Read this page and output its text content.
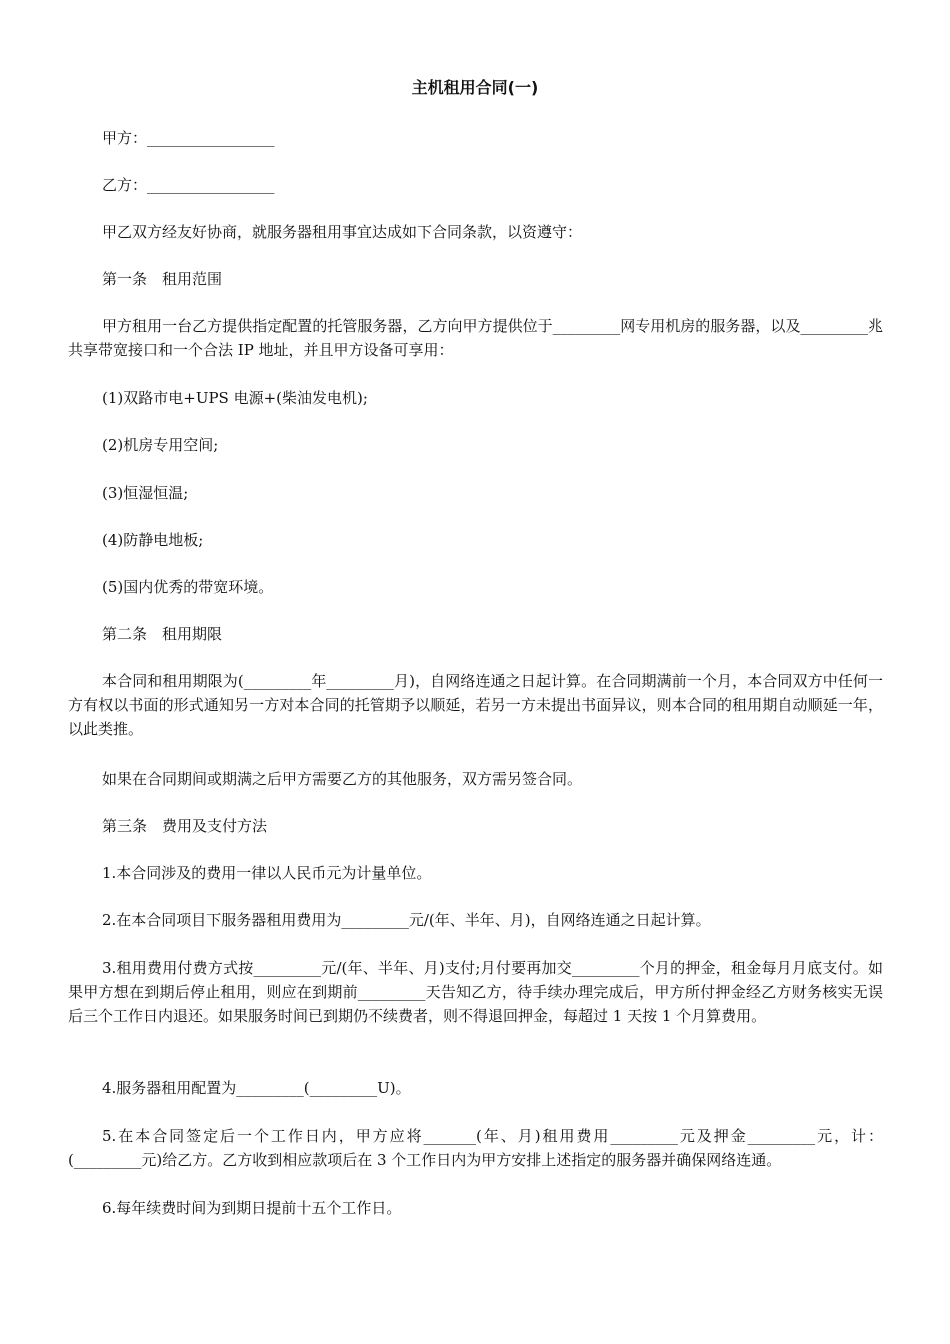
主机租用合同(一)

甲方：_________________

乙方：_________________

甲乙双方经友好协商，就服务器租用事宜达成如下合同条款，以资遵守：

第一条　租用范围

甲方租用一台乙方提供指定配置的托管服务器，乙方向甲方提供位于_________网专用机房的服务器，以及_________兆共享带宽接口和一个合法 IP 地址，并且甲方设备可享用：

(1)双路市电+UPS 电源+(柴油发电机);

(2)机房专用空间;

(3)恒湿恒温;

(4)防静电地板;

(5)国内优秀的带宽环境。

第二条　租用期限

本合同和租用期限为(_________年_________月)，自网络连通之日起计算。在合同期满前一个月，本合同双方中任何一方有权以书面的形式通知另一方对本合同的托管期予以顺延，若另一方未提出书面异议，则本合同的租用期自动顺延一年，以此类推。

如果在合同期间或期满之后甲方需要乙方的其他服务，双方需另签合同。

第三条　费用及支付方法

1.本合同涉及的费用一律以人民币元为计量单位。

2.在本合同项目下服务器租用费用为_________元/(年、半年、月)，自网络连通之日起计算。

3.租用费用付费方式按_________元/(年、半年、月)支付;月付要再加交_________个月的押金，租金每月月底支付。如果甲方想在到期后停止租用，则应在到期前_________天告知乙方，待手续办理完成后，甲方所付押金经乙方财务核实无误后三个工作日内退还。如果服务时间已到期仍不续费者，则不得退回押金，每超过 1 天按 1 个月算费用。

4.服务器租用配置为_________(_________U)。

5.在本合同签定后一个工作日内，甲方应将_______(年、月)租用费用_________元及押金_________元，计：(_________元)给乙方。乙方收到相应款项后在 3 个工作日内为甲方安排上述指定的服务器并确保网络连通。

6.每年续费时间为到期日提前十五个工作日。
